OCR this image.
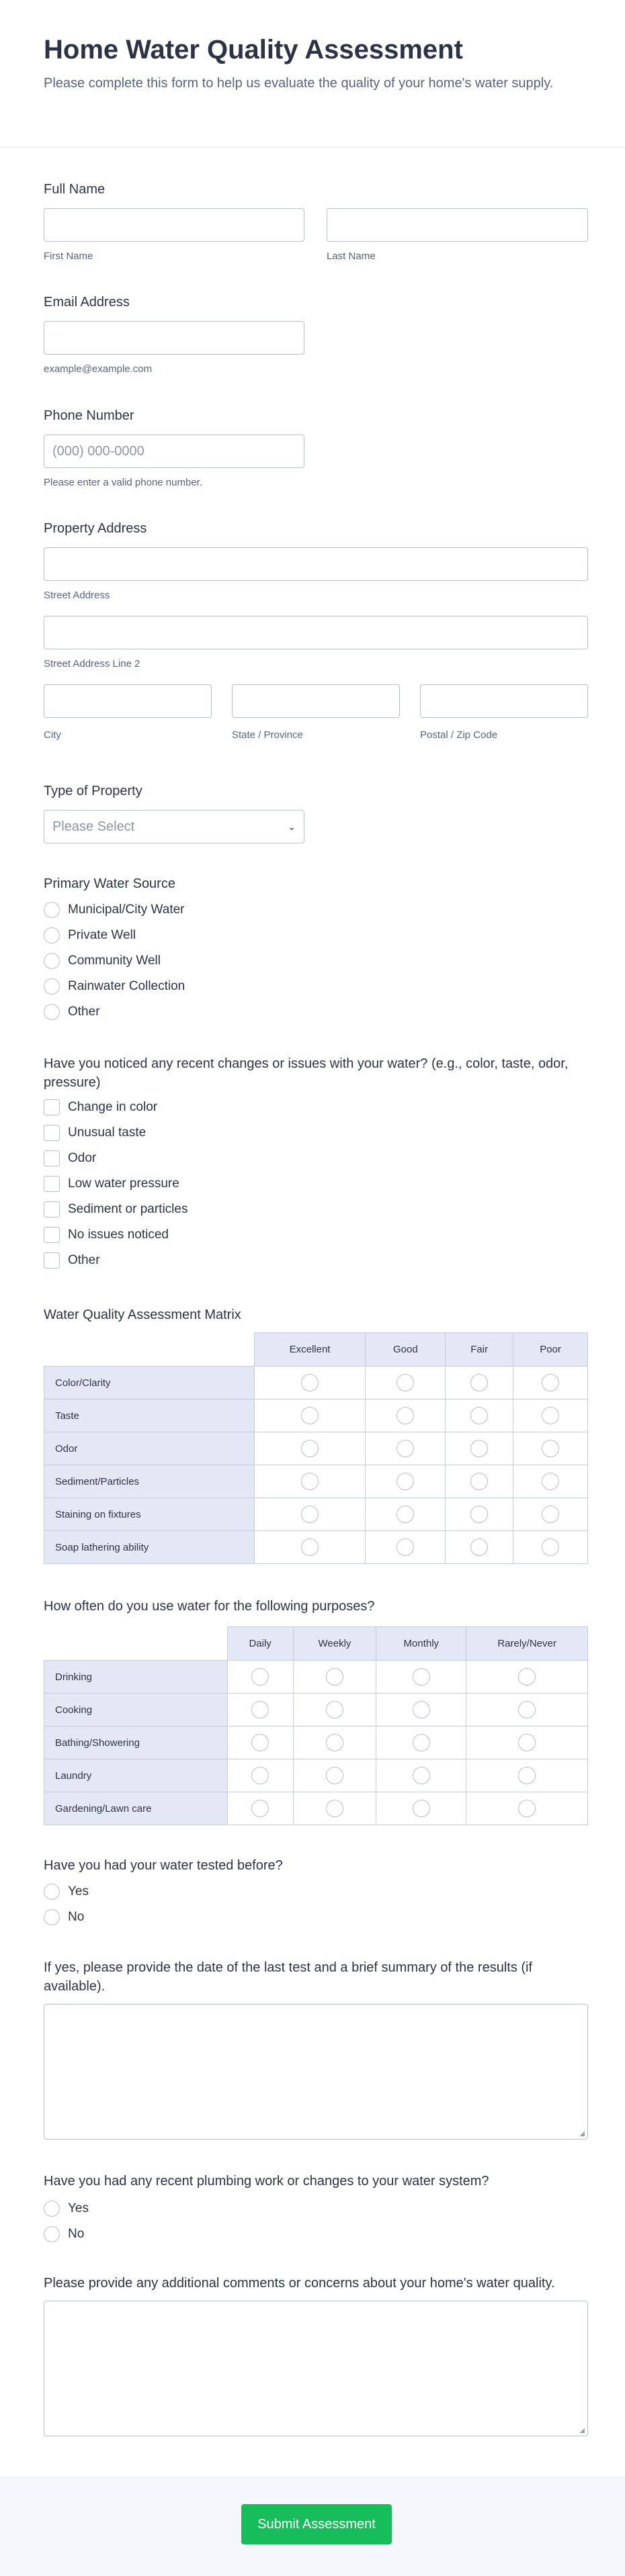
Home Water Quality Assessment

Please complete this form to help us evaluate the quality of your home's water supply.

Full Name
First Name	Last Name
Email Address
example@example.com
Phone Number
(000) 000-0000
Please enter a valid phone number.
Property Address
Street Address
Street Address Line 2
City	State / Province	Postal / Zip Code
Type of Property
Please Select	⌄
Primary Water Source
Municipal/City Water
Private Well
Community Well
Rainwater Collection
Other
Have you noticed any recent changes or issues with your water? (e.g., color, taste, odor, pressure)
Change in color
Unusual taste
Odor
Low water pressure
Sediment or particles
No issues noticed
Other
Water Quality Assessment Matrix
	Excellent	Good	Fair	Poor
Color/Clarity				
Taste				
Odor				
Sediment/Particles				
Staining on fixtures				
Soap lathering ability				
How often do you use water for the following purposes?
	Daily	Weekly	Monthly	Rarely/Never
Drinking				
Cooking				
Bathing/Showering				
Laundry				
Gardening/Lawn care				
Have you had your water tested before?
Yes
No
If yes, please provide the date of the last test and a brief summary of the results (if available).
◢
Have you had any recent plumbing work or changes to your water system?
Yes
No
Please provide any additional comments or concerns about your home's water quality.
◢
Submit Assessment
